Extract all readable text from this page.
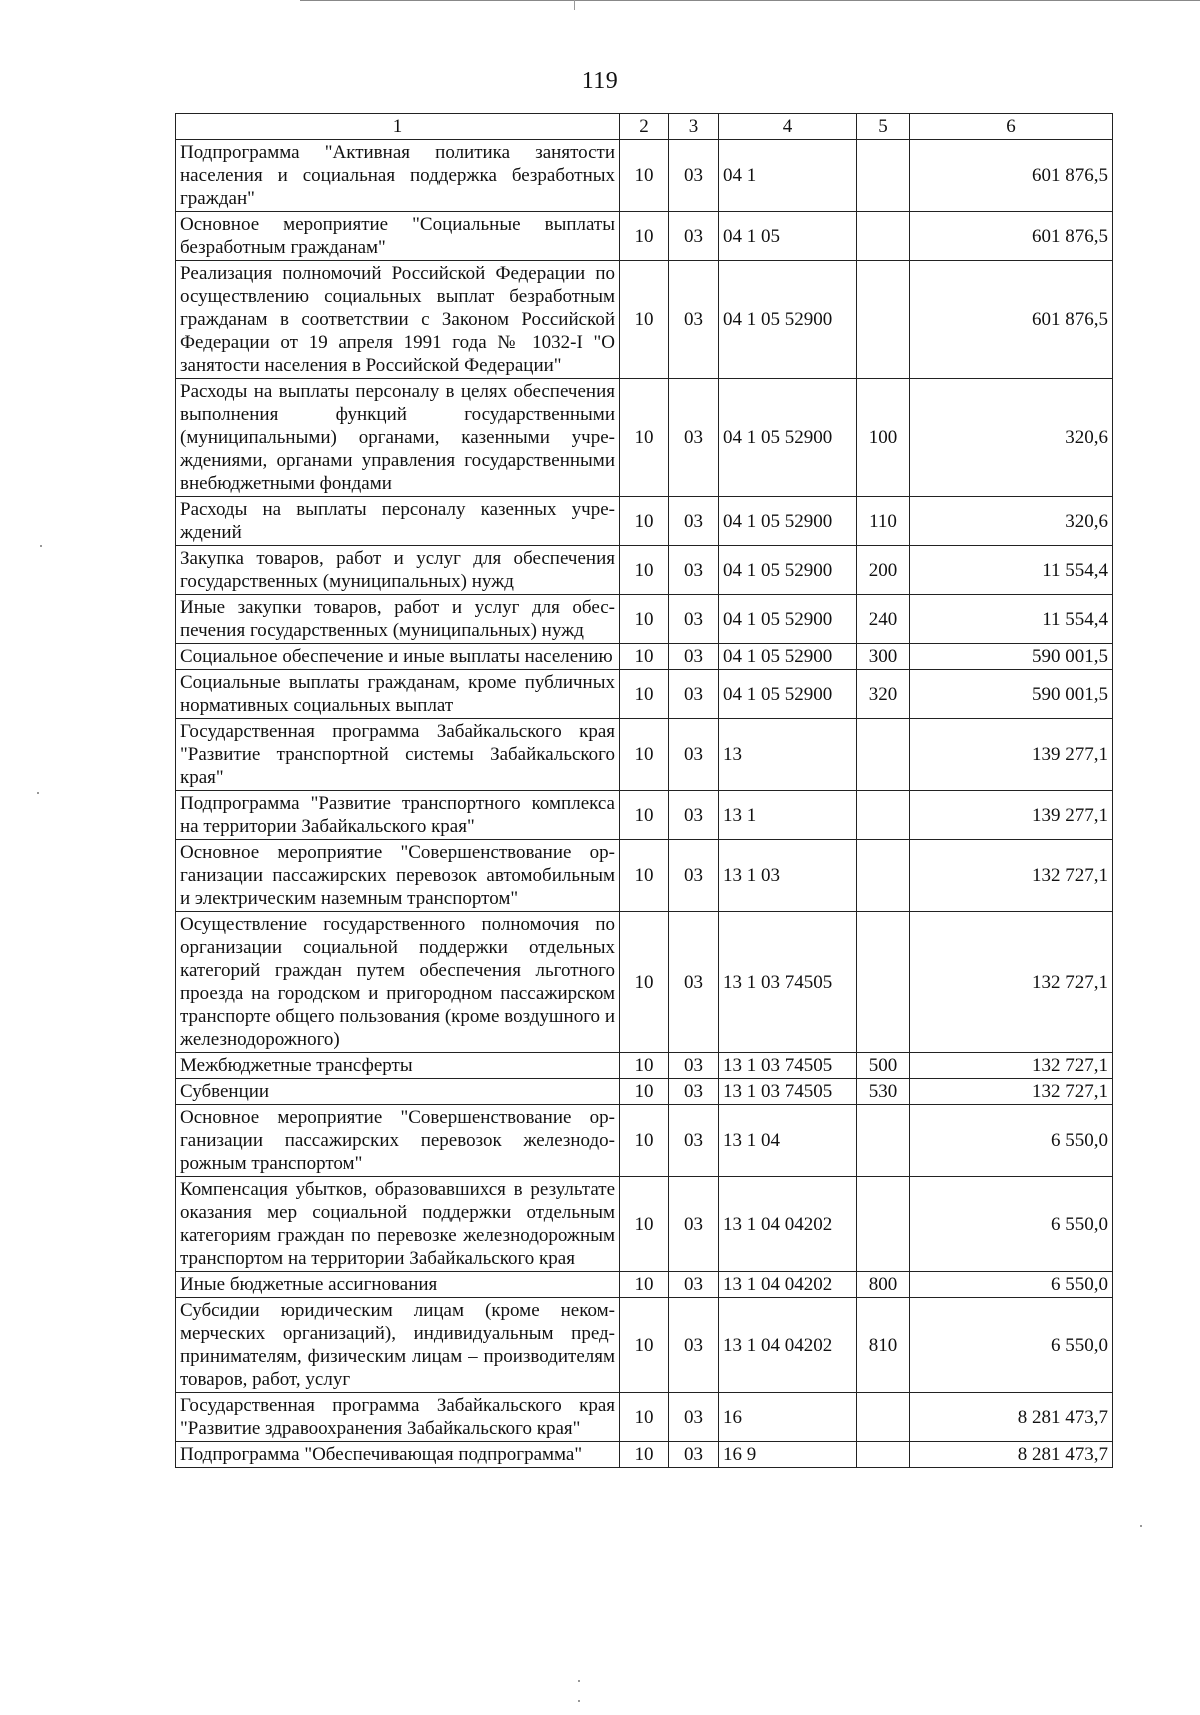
119
1	2	3	4	5	6
Подпрограмма "Активная политика занятости населения и социальная поддержка безработных граждан"	10	03	04 1		601 876,5
Основное мероприятие "Социальные выплаты безработным гражданам"	10	03	04 1 05		601 876,5
Реализация полномочий Российской Федерации по осуществлению социальных выплат безработным гражданам в соответствии с Законом Российской Федерации от 19 апреля 1991 года № 1032-I "О занятости населения в Российской Федерации"	10	03	04 1 05 52900		601 876,5
Расходы на выплаты персоналу в целях обеспечения выполнения функций государственными (муниципальными) органами, казенными учреждениями, органами управления государственными внебюджетными фондами	10	03	04 1 05 52900	100	320,6
Расходы на выплаты персоналу казенных учреждений	10	03	04 1 05 52900	110	320,6
Закупка товаров, работ и услуг для обеспечения государственных (муниципальных) нужд	10	03	04 1 05 52900	200	11 554,4
Иные закупки товаров, работ и услуг для обеспечения государственных (муниципальных) нужд	10	03	04 1 05 52900	240	11 554,4
Социальное обеспечение и иные выплаты населению	10	03	04 1 05 52900	300	590 001,5
Социальные выплаты гражданам, кроме публичных нормативных социальных выплат	10	03	04 1 05 52900	320	590 001,5
Государственная программа Забайкальского края "Развитие транспортной системы Забайкальского края"	10	03	13		139 277,1
Подпрограмма "Развитие транспортного комплекса на территории Забайкальского края"	10	03	13 1		139 277,1
Основное мероприятие "Совершенствование организации пассажирских перевозок автомобильным и электрическим наземным транспортом"	10	03	13 1 03		132 727,1
Осуществление государственного полномочия по организации социальной поддержки отдельных категорий граждан путем обеспечения льготного проезда на городском и пригородном пассажирском транспорте общего пользования (кроме воздушного и железнодорожного)	10	03	13 1 03 74505		132 727,1
Межбюджетные трансферты	10	03	13 1 03 74505	500	132 727,1
Субвенции	10	03	13 1 03 74505	530	132 727,1
Основное мероприятие "Совершенствование организации пассажирских перевозок железнодорожным транспортом"	10	03	13 1 04		6 550,0
Компенсация убытков, образовавшихся в результате оказания мер социальной поддержки отдельным категориям граждан по перевозке железнодорожным транспортом на территории Забайкальского края	10	03	13 1 04 04202		6 550,0
Иные бюджетные ассигнования	10	03	13 1 04 04202	800	6 550,0
Субсидии юридическим лицам (кроме некоммерческих организаций), индивидуальным предпринимателям, физическим лицам – производителям товаров, работ, услуг	10	03	13 1 04 04202	810	6 550,0
Государственная программа Забайкальского края "Развитие здравоохранения Забайкальского края"	10	03	16		8 281 473,7
Подпрограмма "Обеспечивающая подпрограмма"	10	03	16 9		8 281 473,7
